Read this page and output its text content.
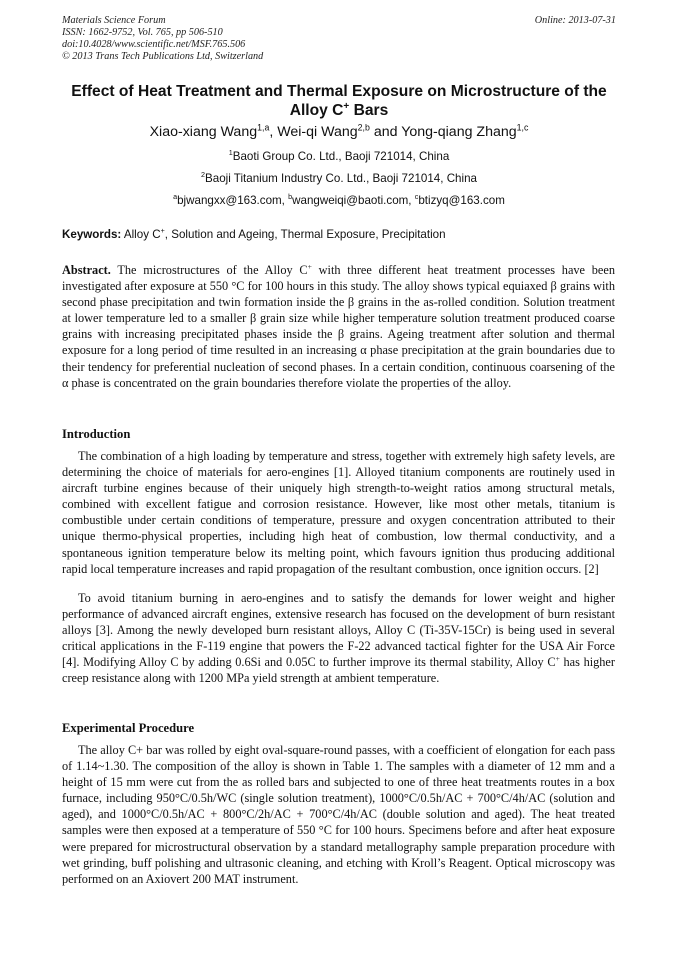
Materials Science Forum	Online: 2013-07-31
ISSN: 1662-9752, Vol. 765, pp 506-510
doi:10.4028/www.scientific.net/MSF.765.506
© 2013 Trans Tech Publications Ltd, Switzerland
Effect of Heat Treatment and Thermal Exposure on Microstructure of the
Alloy C+ Bars
Xiao-xiang Wang$^{1,a}$, Wei-qi Wang$^{2,b}$ and Yong-qiang Zhang$^{1,c}$
$^1$Baoti Group Co. Ltd., Baoji 721014, China
$^2$Baoji Titanium Industry Co. Ltd., Baoji 721014, China
$^a$bjwangxx@163.com, $^b$wangweiqi@baoti.com, $^c$btizyq@163.com
Keywords: Alloy C+, Solution and Ageing, Thermal Exposure, Precipitation
Abstract. The microstructures of the Alloy C+ with three different heat treatment processes have been investigated after exposure at 550 °C for 100 hours in this study. The alloy shows typical equiaxed β grains with second phase precipitation and twin formation inside the β grains in the as-rolled condition. Solution treatment at lower temperature led to a smaller β grain size while higher temperature solution treatment produced coarse grains with increasing precipitated phases inside the β grains. Ageing treatment after solution and thermal exposure for a long period of time resulted in an increasing α phase precipitation at the grain boundaries due to their tendency for preferential nucleation of second phases. In a certain condition, continuous coarsening of the α phase is concentrated on the grain boundaries therefore violate the properties of the alloy.
Introduction
The combination of a high loading by temperature and stress, together with extremely high safety levels, are determining the choice of materials for aero-engines [1]. Alloyed titanium components are routinely used in aircraft turbine engines because of their uniquely high strength-to-weight ratios among structural metals, combined with excellent fatigue and corrosion resistance. However, like most other metals, titanium is combustible under certain conditions of temperature, pressure and oxygen concentration attributed to their unique thermo-physical properties, including high heat of combustion, low thermal conductivity, and a spontaneous ignition temperature below its melting point, which favours ignition thus producing additional rapid local temperature increases and rapid propagation of the resultant combustion, once ignition occurs. [2]
To avoid titanium burning in aero-engines and to satisfy the demands for lower weight and higher performance of advanced aircraft engines, extensive research has focused on the development of burn resistant alloys [3]. Among the newly developed burn resistant alloys, Alloy C (Ti-35V-15Cr) is being used in several critical applications in the F-119 engine that powers the F-22 advanced tactical fighter for the USA Air Force [4]. Modifying Alloy C by adding 0.6Si and 0.05C to further improve its thermal stability, Alloy C+ has higher creep resistance along with 1200 MPa yield strength at ambient temperature.
Experimental Procedure
The alloy C+ bar was rolled by eight oval-square-round passes, with a coefficient of elongation for each pass of 1.14~1.30. The composition of the alloy is shown in Table 1. The samples with a diameter of 12 mm and a height of 15 mm were cut from the as rolled bars and subjected to one of three heat treatments routes in a box furnace, including 950°C/0.5h/WC (single solution treatment), 1000°C/0.5h/AC + 700°C/4h/AC (solution and aged), and 1000°C/0.5h/AC + 800°C/2h/AC + 700°C/4h/AC (double solution and aged). The heat treated samples were then exposed at a temperature of 550 °C for 100 hours. Specimens before and after heat exposure were prepared for microstructural observation by a standard metallography sample preparation procedure with wet grinding, buff polishing and ultrasonic cleaning, and etching with Kroll’s Reagent. Optical microscopy was performed on an Axiovert 200 MAT instrument.
